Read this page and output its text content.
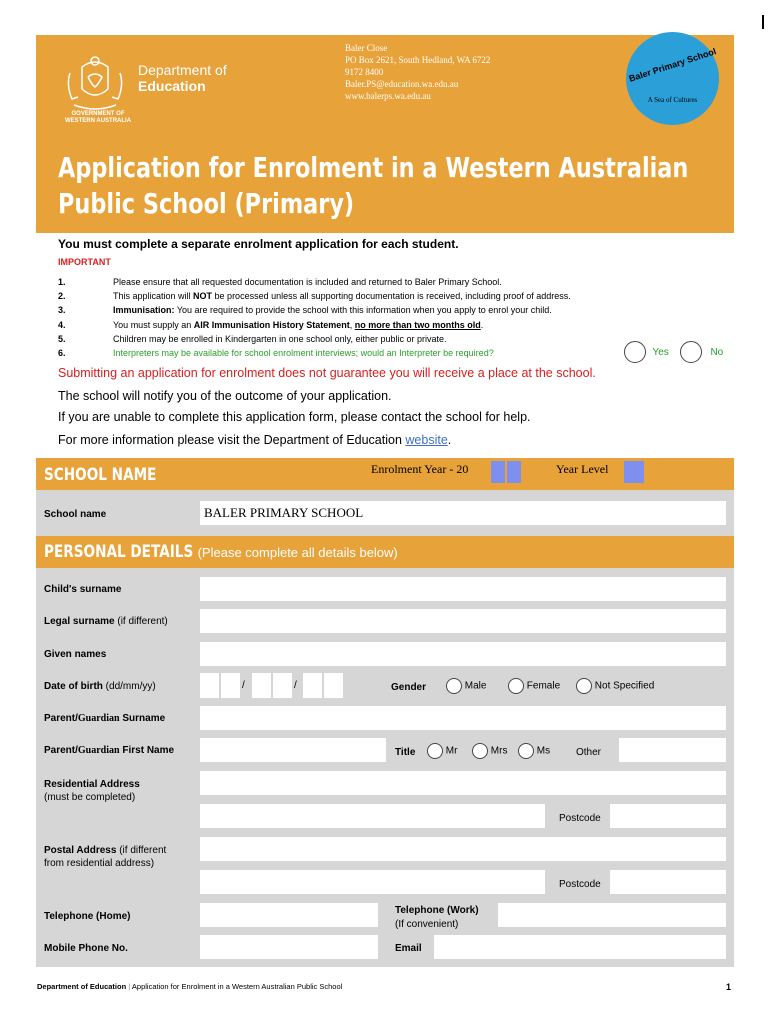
GOVERNMENT OF WESTERN AUSTRALIA
Department of
Education
Baler Close
PO Box 2621, South Hedland, WA 6722
9172 8400
Baler.PS@education.wa.edu.au
www.balerps.wa.edu.au
Baler Primary School
A Sea of Cultures
Application for Enrolment in a Western Australian
Public School (Primary)
You must complete a separate enrolment application for each student.
IMPORTANT
1.	Please ensure that all requested documentation is included and returned to Baler Primary School.
2.	This application will NOT be processed unless all supporting documentation is received, including proof of address.
3.	Immunisation: You are required to provide the school with this information when you apply to enrol your child.
4.	You must supply an AIR Immunisation History Statement, no more than two months old.
5.	Children may be enrolled in Kindergarten in one school only, either public or private.
6.	Interpreters may be available for school enrolment interviews; would an Interpreter be required?	Yes	No
Submitting an application for enrolment does not guarantee you will receive a place at the school.
The school will notify you of the outcome of your application.
If you are unable to complete this application form, please contact the school for help.
For more information please visit the Department of Education website.
SCHOOL NAME	Enrolment Year - 20	Year Level
School name	BALER PRIMARY SCHOOL
PERSONAL DETAILS (Please complete all details below)
Child's surname
Legal surname (if different)
Given names
Date of birth (dd/mm/yy)	/	/	Gender	Male	Female	Not Specified
Parent/Guardian Surname
Parent/Guardian First Name	Title	Mr	Mrs	Ms	Other
Residential Address
(must be completed)
Postcode
Postal Address (if different
from residential address)
Postcode
Telephone (Home)
Telephone (Work)
(If convenient)
Mobile Phone No.	Email
Department of Education | Application for Enrolment in a Western Australian Public School	1
